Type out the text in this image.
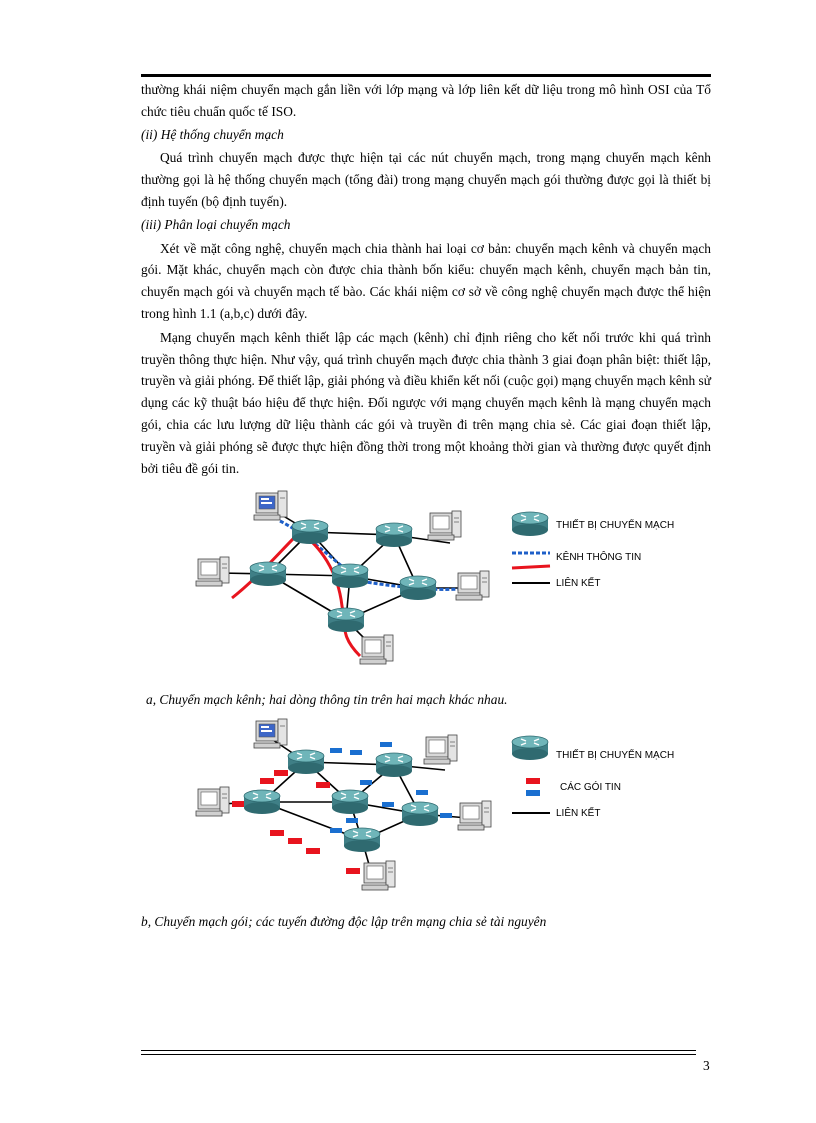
thường khái niệm chuyển mạch gắn liền với lớp mạng và lớp liên kết dữ liệu trong mô hình OSI của Tổ chức tiêu chuẩn quốc tế ISO.

(ii) Hệ thống chuyển mạch

Quá trình chuyển mạch được thực hiện tại các nút chuyển mạch, trong mạng chuyển mạch kênh thường gọi là hệ thống chuyển mạch (tổng đài) trong mạng chuyển mạch gói thường được gọi là thiết bị định tuyến (bộ định tuyến).

(iii) Phân loại chuyển mạch

Xét về mặt công nghệ, chuyển mạch chia thành hai loại cơ bản: chuyển mạch kênh và chuyển mạch gói. Mặt khác, chuyển mạch còn được chia thành bốn kiểu: chuyển mạch kênh, chuyển mạch bản tin, chuyển mạch gói và chuyển mạch tế bào. Các khái niệm cơ sở về công nghệ chuyển mạch được thể hiện trong hình 1.1 (a,b,c) dưới đây.

Mạng chuyển mạch kênh thiết lập các mạch (kênh) chỉ định riêng cho kết nối trước khi quá trình truyền thông thực hiện. Như vậy, quá trình chuyển mạch được chia thành 3 giai đoạn phân biệt: thiết lập, truyền và giải phóng. Để thiết lập, giải phóng và điều khiển kết nối (cuộc gọi) mạng chuyển mạch kênh sử dụng các kỹ thuật báo hiệu để thực hiện. Đối ngược với mạng chuyển mạch kênh là mạng chuyển mạch gói, chia các lưu lượng dữ liệu thành các gói và truyền đi trên mạng chia sẻ. Các giai đoạn thiết lập, truyền và giải phóng sẽ được thực hiện đồng thời trong một khoảng thời gian và thường được quyết định bởi tiêu đề gói tin.

THIẾT BỊ CHUYỂN MẠCH
KÊNH THÔNG TIN
LIÊN KẾT
a, Chuyển mạch kênh; hai dòng thông tin trên hai mạch khác nhau.
THIẾT BỊ CHUYỂN MẠCH
CÁC GÓI TIN
LIÊN KẾT
b, Chuyển mạch gói; các tuyến đường độc lập trên mạng chia sẻ tài nguyên
3
